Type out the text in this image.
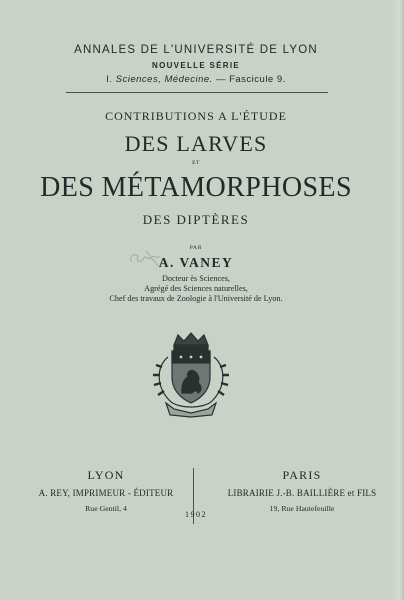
ANNALES DE L'UNIVERSITÉ DE LYON
NOUVELLE SÉRIE
I. Sciences, Médecine. — Fascicule 9.
CONTRIBUTIONS A L'ÉTUDE
DES LARVES
ET
DES MÉTAMORPHOSES
DES DIPTÈRES
PAR
A. VANEY
Docteur ès Sciences,
Agrégé des Sciences naturelles,
Chef des travaux de Zoologie à l'Université de Lyon.
LYON
A. REY, IMPRIMEUR - ÉDITEUR
Rue Gentil, 4
PARIS
LIBRAIRIE J.-B. BAILLIÈRE et FILS
19, Rue Hautefeuille
1902
